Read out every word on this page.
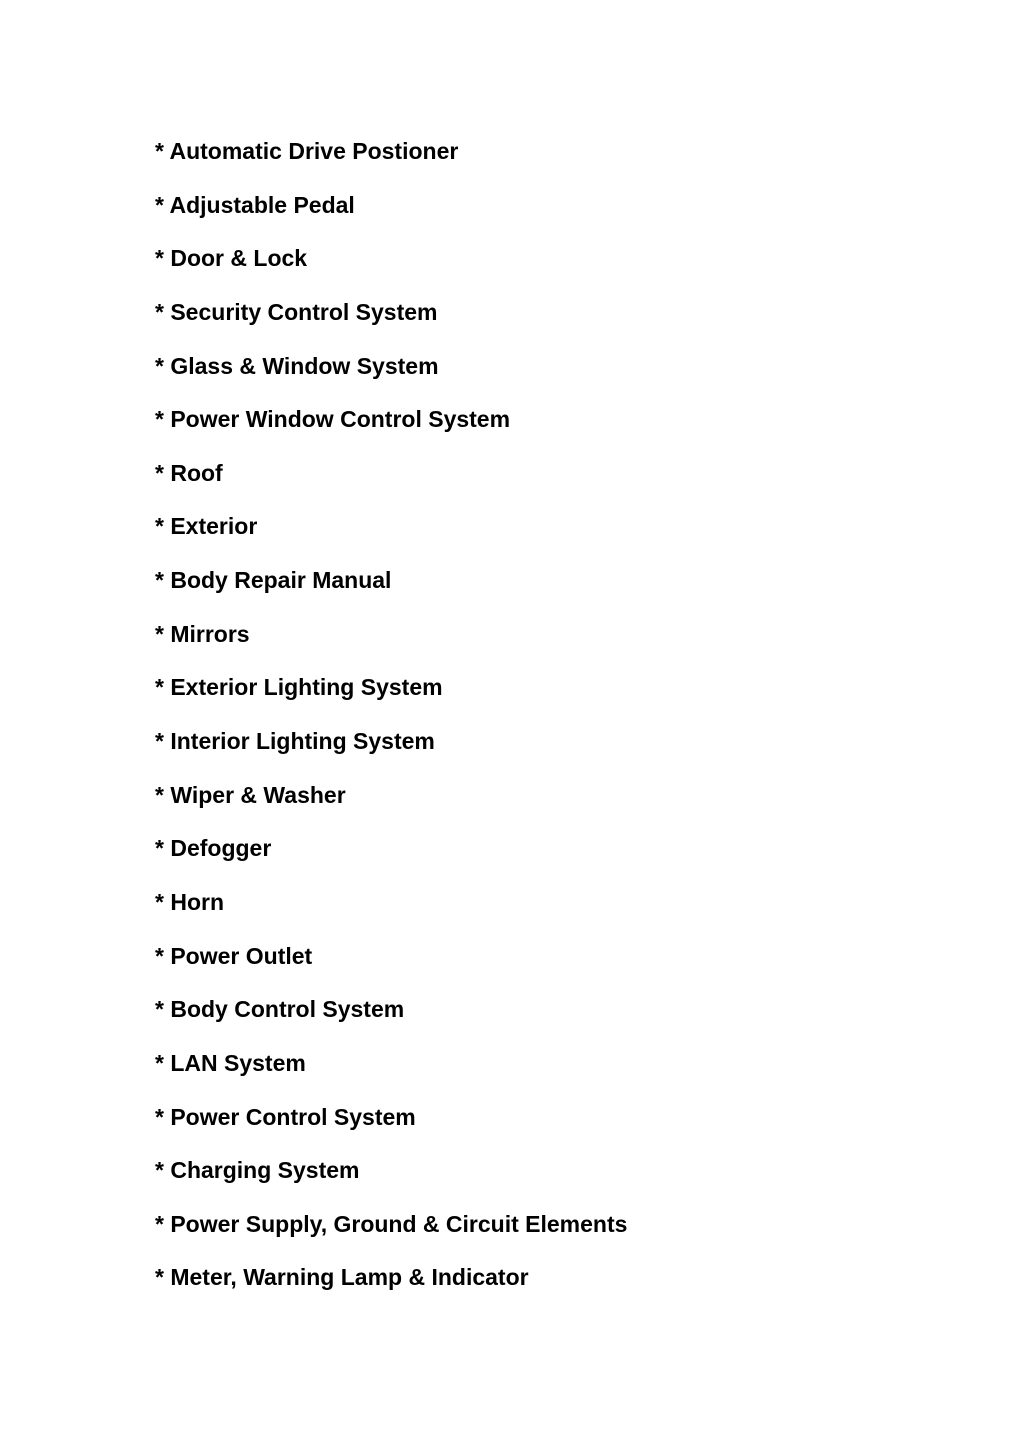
* Automatic Drive Postioner
* Adjustable Pedal
* Door & Lock
* Security Control System
* Glass & Window System
* Power Window Control System
* Roof
* Exterior
* Body Repair Manual
* Mirrors
* Exterior Lighting System
* Interior Lighting System
* Wiper & Washer
* Defogger
* Horn
* Power Outlet
* Body Control System
* LAN System
* Power Control System
* Charging System
* Power Supply, Ground & Circuit Elements
* Meter, Warning Lamp & Indicator
